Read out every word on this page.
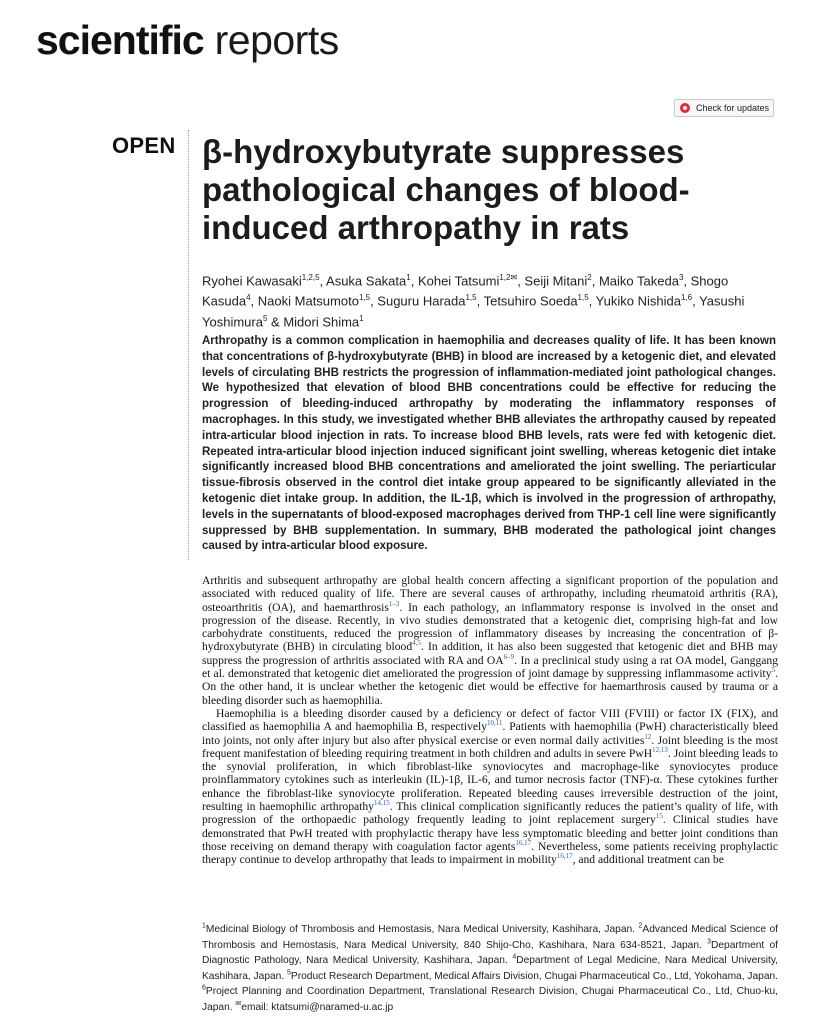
scientific reports
Check for updates
OPEN β-hydroxybutyrate suppresses pathological changes of blood-induced arthropathy in rats
Ryohei Kawasaki$^{1,2,5}$, Asuka Sakata$^1$, Kohei Tatsumi$^{1,2✉}$, Seiji Mitani$^2$, Maiko Takeda$^3$, Shogo Kasuda$^4$, Naoki Matsumoto$^{1,5}$, Suguru Harada$^{1,5}$, Tetsuhiro Soeda$^{1,5}$, Yukiko Nishida$^{1,6}$, Yasushi Yoshimura$^5$ & Midori Shima$^1$

Arthropathy is a common complication in haemophilia and decreases quality of life. It has been known that concentrations of β-hydroxybutyrate (BHB) in blood are increased by a ketogenic diet, and elevated levels of circulating BHB restricts the progression of inflammation-mediated joint pathological changes. We hypothesized that elevation of blood BHB concentrations could be effective for reducing the progression of bleeding-induced arthropathy by moderating the inflammatory responses of macrophages. In this study, we investigated whether BHB alleviates the arthropathy caused by repeated intra-articular blood injection in rats. To increase blood BHB levels, rats were fed with ketogenic diet. Repeated intra-articular blood injection induced significant joint swelling, whereas ketogenic diet intake significantly increased blood BHB concentrations and ameliorated the joint swelling. The periarticular tissue-fibrosis observed in the control diet intake group appeared to be significantly alleviated in the ketogenic diet intake group. In addition, the IL-1β, which is involved in the progression of arthropathy, levels in the supernatants of blood-exposed macrophages derived from THP-1 cell line were significantly suppressed by BHB supplementation. In summary, BHB moderated the pathological joint changes caused by intra-articular blood exposure.

Arthritis and subsequent arthropathy are global health concern affecting a significant proportion of the population and associated with reduced quality of life. There are several causes of arthropathy, including rheumatoid arthritis (RA), osteoarthritis (OA), and haemarthrosis$^{1-3}$. In each pathology, an inflammatory response is involved in the onset and progression of the disease. Recently, in vivo studies demonstrated that a ketogenic diet, comprising high-fat and low carbohydrate constituents, reduced the progression of inflammatory diseases by increasing the concentration of β-hydroxybutyrate (BHB) in circulating blood$^{4,5}$. In addition, it has also been suggested that ketogenic diet and BHB may suppress the progression of arthritis associated with RA and OA$^{6-9}$. In a preclinical study using a rat OA model, Ganggang et al. demonstrated that ketogenic diet ameliorated the progression of joint damage by suppressing inflammasome activity$^5$. On the other hand, it is unclear whether the ketogenic diet would be effective for haemarthrosis caused by trauma or a bleeding disorder such as haemophilia.

Haemophilia is a bleeding disorder caused by a deficiency or defect of factor VIII (FVIII) or factor IX (FIX), and classified as haemophilia A and haemophilia B, respectively$^{10,11}$. Patients with haemophilia (PwH) characteristically bleed into joints, not only after injury but also after physical exercise or even normal daily activities$^{12}$. Joint bleeding is the most frequent manifestation of bleeding requiring treatment in both children and adults in severe PwH$^{12,13}$. Joint bleeding leads to the synovial proliferation, in which fibroblast-like synoviocytes and macrophage-like synoviocytes produce proinflammatory cytokines such as interleukin (IL)-1β, IL-6, and tumor necrosis factor (TNF)-α. These cytokines further enhance the fibroblast-like synoviocyte proliferation. Repeated bleeding causes irreversible destruction of the joint, resulting in haemophilic arthropathy$^{14,15}$. This clinical complication significantly reduces the patient’s quality of life, with progression of the orthopaedic pathology frequently leading to joint replacement surgery$^{15}$. Clinical studies have demonstrated that PwH treated with prophylactic therapy have less symptomatic bleeding and better joint conditions than those receiving on demand therapy with coagulation factor agents$^{16,17}$. Nevertheless, some patients receiving prophylactic therapy continue to develop arthropathy that leads to impairment in mobility$^{16,17}$, and additional treatment can be

$^1$Medicinal Biology of Thrombosis and Hemostasis, Nara Medical University, Kashihara, Japan. $^2$Advanced Medical Science of Thrombosis and Hemostasis, Nara Medical University, 840 Shijo-Cho, Kashihara, Nara 634-8521, Japan. $^3$Department of Diagnostic Pathology, Nara Medical University, Kashihara, Japan. $^4$Department of Legal Medicine, Nara Medical University, Kashihara, Japan. $^5$Product Research Department, Medical Affairs Division, Chugai Pharmaceutical Co., Ltd, Yokohama, Japan. $^6$Project Planning and Coordination Department, Translational Research Division, Chugai Pharmaceutical Co., Ltd, Chuo-ku, Japan. ✉email: ktatsumi@naramed-u.ac.jp
